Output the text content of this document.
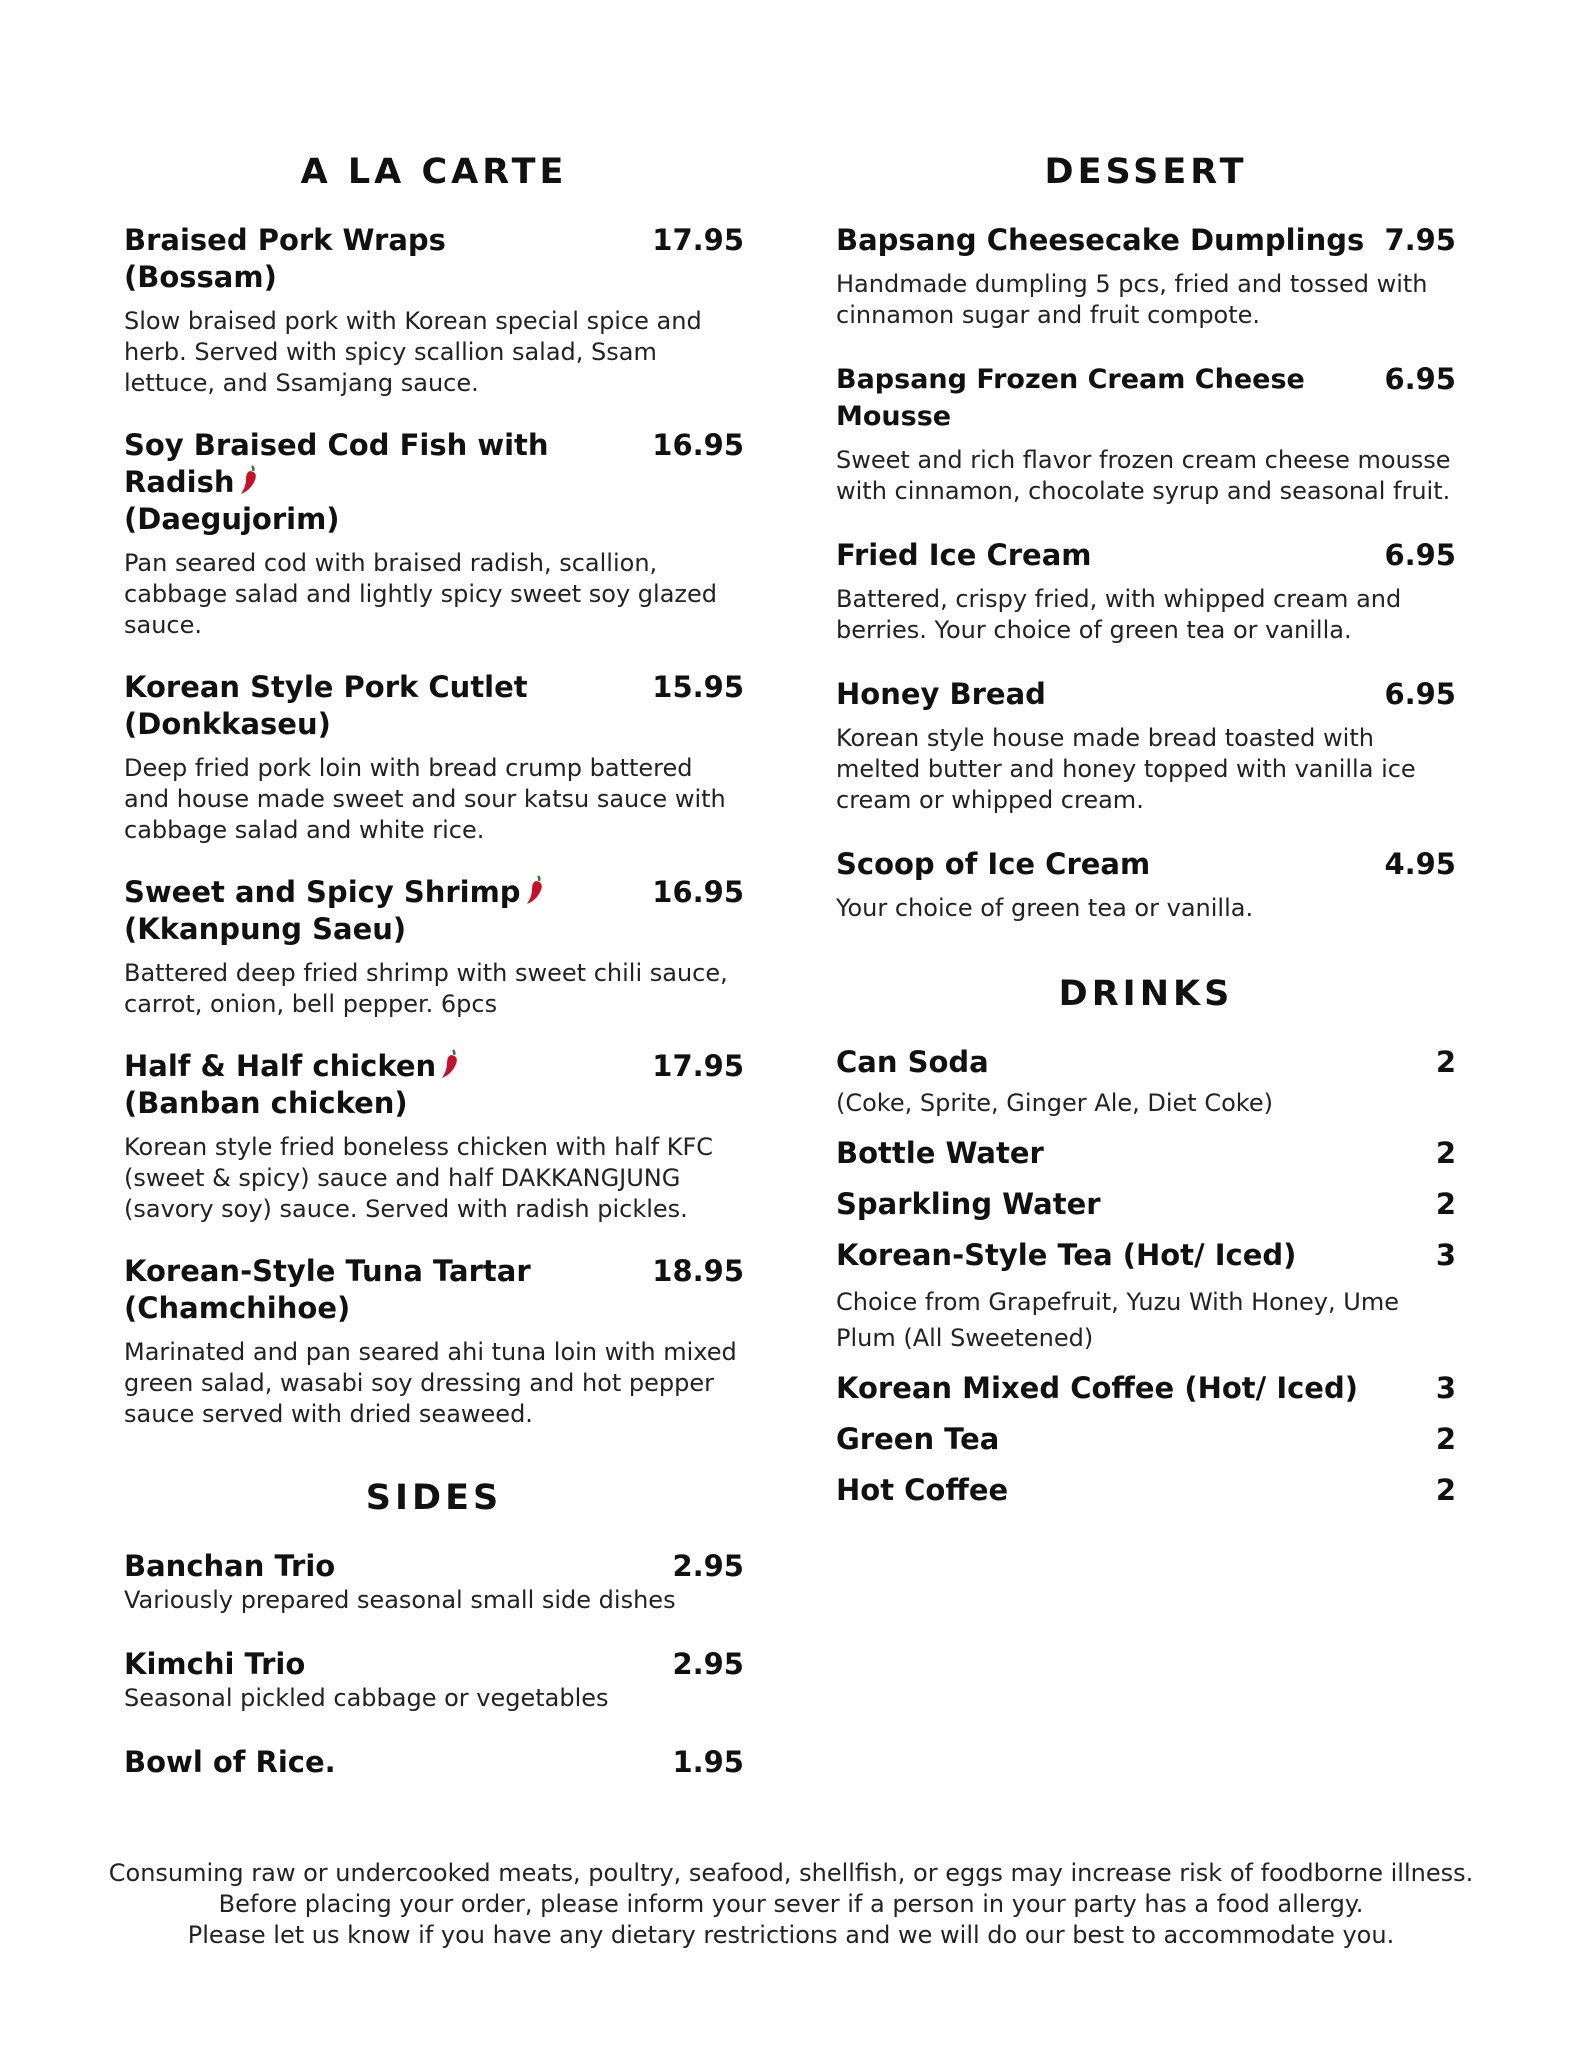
A LA CARTE
Braised Pork Wraps
(Bossam)
17.95
Slow braised pork with Korean special spice and herb. Served with spicy scallion salad, Ssam lettuce, and Ssamjang sauce.
Soy Braised Cod Fish with Radish
(Daegujorim)
16.95
Pan seared cod with braised radish, scallion, cabbage salad and lightly spicy sweet soy glazed sauce.
Korean Style Pork Cutlet
(Donkkaseu)
15.95
Deep fried pork loin with bread crump battered and house made sweet and sour katsu sauce with cabbage salad and white rice.
Sweet and Spicy Shrimp
(Kkanpung Saeu)
16.95
Battered deep fried shrimp with sweet chili sauce, carrot, onion, bell pepper. 6pcs
Half & Half chicken
(Banban chicken)
17.95
Korean style fried boneless chicken with half KFC (sweet & spicy) sauce and half DAKKANGJUNG (savory soy) sauce. Served with radish pickles.
Korean-Style Tuna Tartar
(Chamchihoe)
18.95
Marinated and pan seared ahi tuna loin with mixed green salad, wasabi soy dressing and hot pepper sauce served with dried seaweed.
SIDES
Banchan Trio	2.95
Variously prepared seasonal small side dishes
Kimchi Trio	2.95
Seasonal pickled cabbage or vegetables
Bowl of Rice.	1.95
DESSERT
Bapsang Cheesecake Dumplings 7.95
Handmade dumpling 5 pcs, fried and tossed with cinnamon sugar and fruit compote.
Bapsang Frozen Cream Cheese Mousse
6.95
Sweet and rich flavor frozen cream cheese mousse with cinnamon, chocolate syrup and seasonal fruit.
Fried Ice Cream	6.95
Battered, crispy fried, with whipped cream and berries. Your choice of green tea or vanilla.
Honey Bread	6.95
Korean style house made bread toasted with melted butter and honey topped with vanilla ice cream or whipped cream.
Scoop of Ice Cream	4.95
Your choice of green tea or vanilla.
DRINKS
Can Soda	2
(Coke, Sprite, Ginger Ale, Diet Coke)
Bottle Water	2
Sparkling Water	2
Korean-Style Tea (Hot/ Iced)	3
Choice from Grapefruit, Yuzu With Honey, Ume Plum (All Sweetened)
Korean Mixed Coffee (Hot/ Iced)	3
Green Tea	2
Hot Coffee	2
Consuming raw or undercooked meats, poultry, seafood, shellfish, or eggs may increase risk of foodborne illness.
Before placing your order, please inform your sever if a person in your party has a food allergy.
Please let us know if you have any dietary restrictions and we will do our best to accommodate you.
